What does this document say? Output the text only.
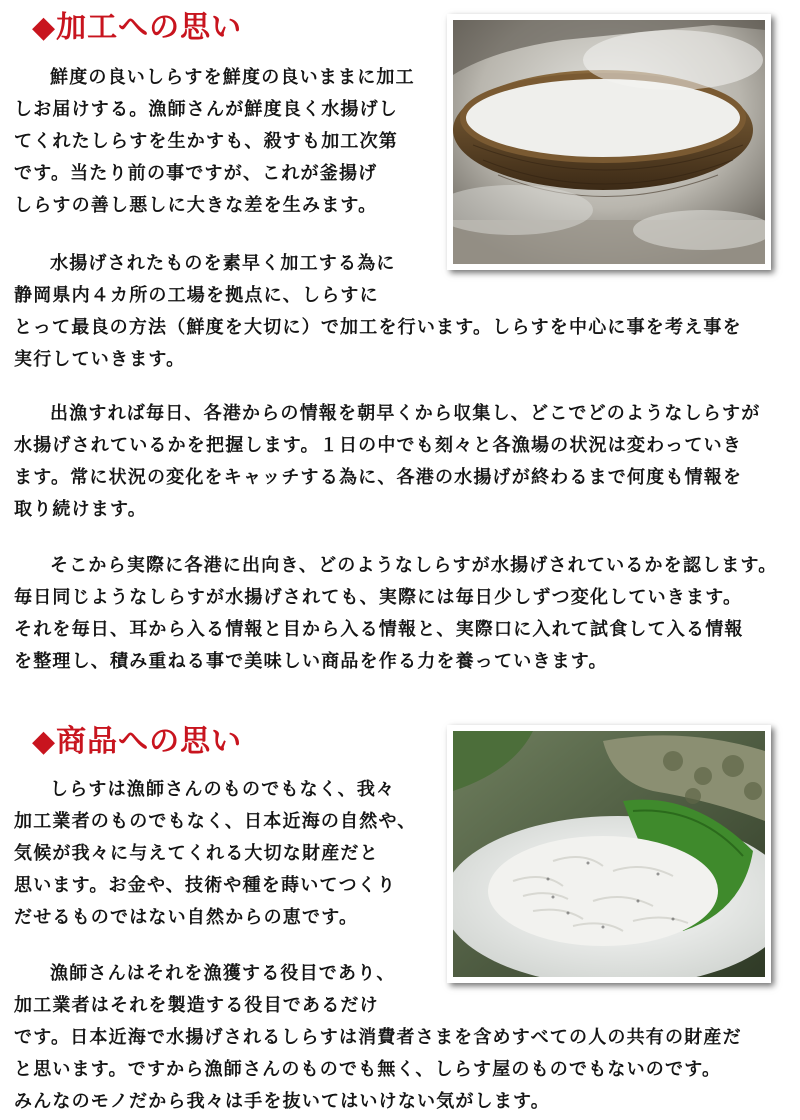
◆加工への思い

鮮度の良いしらすを鮮度の良いままに加工
しお届けする。漁師さんが鮮度良く水揚げし
てくれたしらすを生かすも、殺すも加工次第
です。当たり前の事ですが、これが釜揚げ
しらすの善し悪しに大きな差を生みます。

水揚げされたものを素早く加工する為に
静岡県内４カ所の工場を拠点に、しらすに
とって最良の方法（鮮度を大切に）で加工を行います。しらすを中心に事を考え事を
実行していきます。

出漁すれば毎日、各港からの情報を朝早くから収集し、どこでどのようなしらすが
水揚げされているかを把握します。１日の中でも刻々と各漁場の状況は変わっていき
ます。常に状況の変化をキャッチする為に、各港の水揚げが終わるまで何度も情報を
取り続けます。

そこから実際に各港に出向き、どのようなしらすが水揚げされているかを認します。
毎日同じようなしらすが水揚げされても、実際には毎日少しずつ変化していきます。
それを毎日、耳から入る情報と目から入る情報と、実際口に入れて試食して入る情報
を整理し、積み重ねる事で美味しい商品を作る力を養っていきます。

◆商品への思い

しらすは漁師さんのものでもなく、我々
加工業者のものでもなく、日本近海の自然や、
気候が我々に与えてくれる大切な財産だと
思います。お金や、技術や種を蒔いてつくり
だせるものではない自然からの恵です。

漁師さんはそれを漁獲する役目であり、
加工業者はそれを製造する役目であるだけ
です。日本近海で水揚げされるしらすは消費者さまを含めすべての人の共有の財産だ
と思います。ですから漁師さんのものでも無く、しらす屋のものでもないのです。
みんなのモノだから我々は手を抜いてはいけない気がします。
